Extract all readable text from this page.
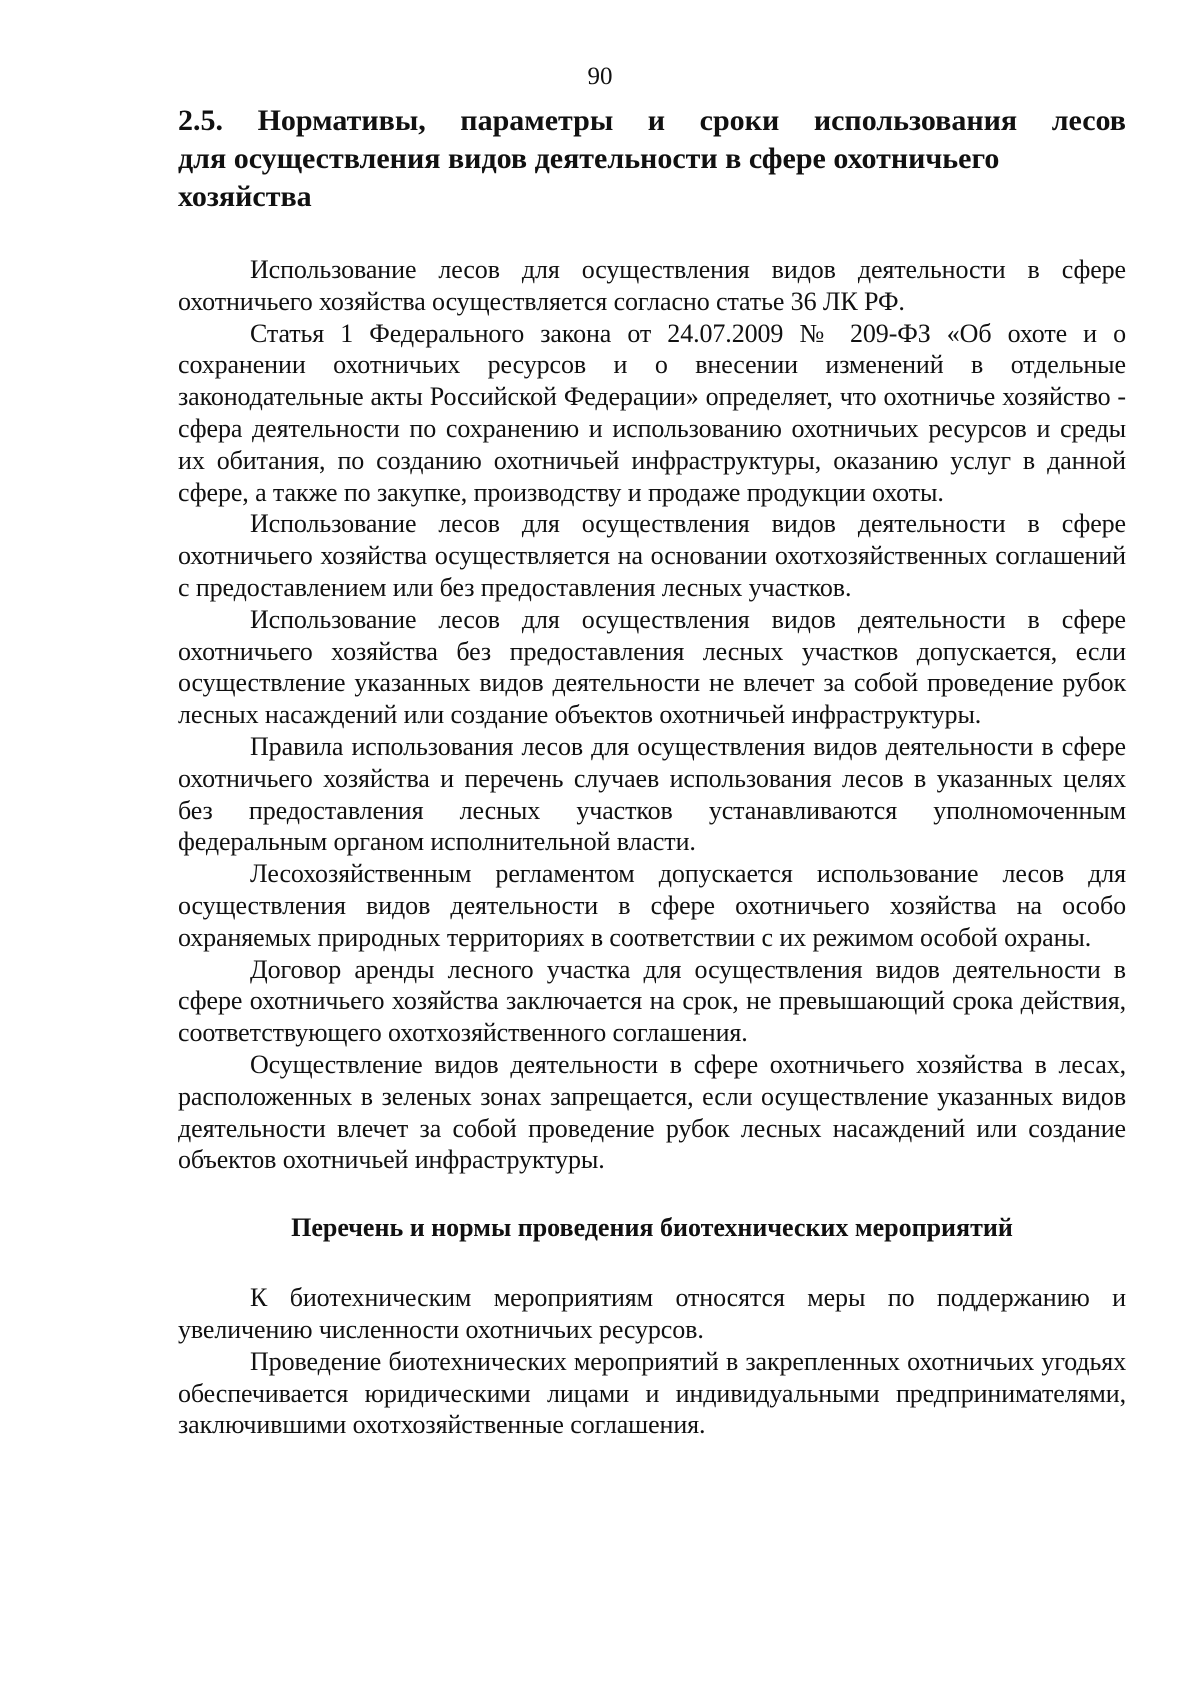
90
2.5. Нормативы, параметры и сроки использования лесов
для осуществления видов деятельности в сфере охотничьего хозяйства

Использование лесов для осуществления видов деятельности в сфере охотничьего хозяйства осуществляется согласно статье 36 ЛК РФ.

Статья 1 Федерального закона от 24.07.2009 № 209-ФЗ «Об охоте и о сохранении охотничьих ресурсов и о внесении изменений в отдельные законодательные акты Российской Федерации» определяет, что охотничье хозяйство - сфера деятельности по сохранению и использованию охотничьих ресурсов и среды их обитания, по созданию охотничьей инфраструктуры, оказанию услуг в данной сфере, а также по закупке, производству и продаже продукции охоты.

Использование лесов для осуществления видов деятельности в сфере охотничьего хозяйства осуществляется на основании охотхозяйственных соглашений с предоставлением или без предоставления лесных участков.

Использование лесов для осуществления видов деятельности в сфере охотничьего хозяйства без предоставления лесных участков допускается, если осуществление указанных видов деятельности не влечет за собой проведение рубок лесных насаждений или создание объектов охотничьей инфраструктуры.

Правила использования лесов для осуществления видов деятельности в сфере охотничьего хозяйства и перечень случаев использования лесов в указанных целях без предоставления лесных участков устанавливаются уполномоченным федеральным органом исполнительной власти.

Лесохозяйственным регламентом допускается использование лесов для осуществления видов деятельности в сфере охотничьего хозяйства на особо охраняемых природных территориях в соответствии с их режимом особой охраны.

Договор аренды лесного участка для осуществления видов деятельности в сфере охотничьего хозяйства заключается на срок, не превышающий срока действия, соответствующего охотхозяйственного соглашения.

Осуществление видов деятельности в сфере охотничьего хозяйства в лесах, расположенных в зеленых зонах запрещается, если осуществление указанных видов деятельности влечет за собой проведение рубок лесных насаждений или создание объектов охотничьей инфраструктуры.

Перечень и нормы проведения биотехнических мероприятий

К биотехническим мероприятиям относятся меры по поддержанию и увеличению численности охотничьих ресурсов.

Проведение биотехнических мероприятий в закрепленных охотничьих угодьях обеспечивается юридическими лицами и индивидуальными предпринимателями, заключившими охотхозяйственные соглашения.
